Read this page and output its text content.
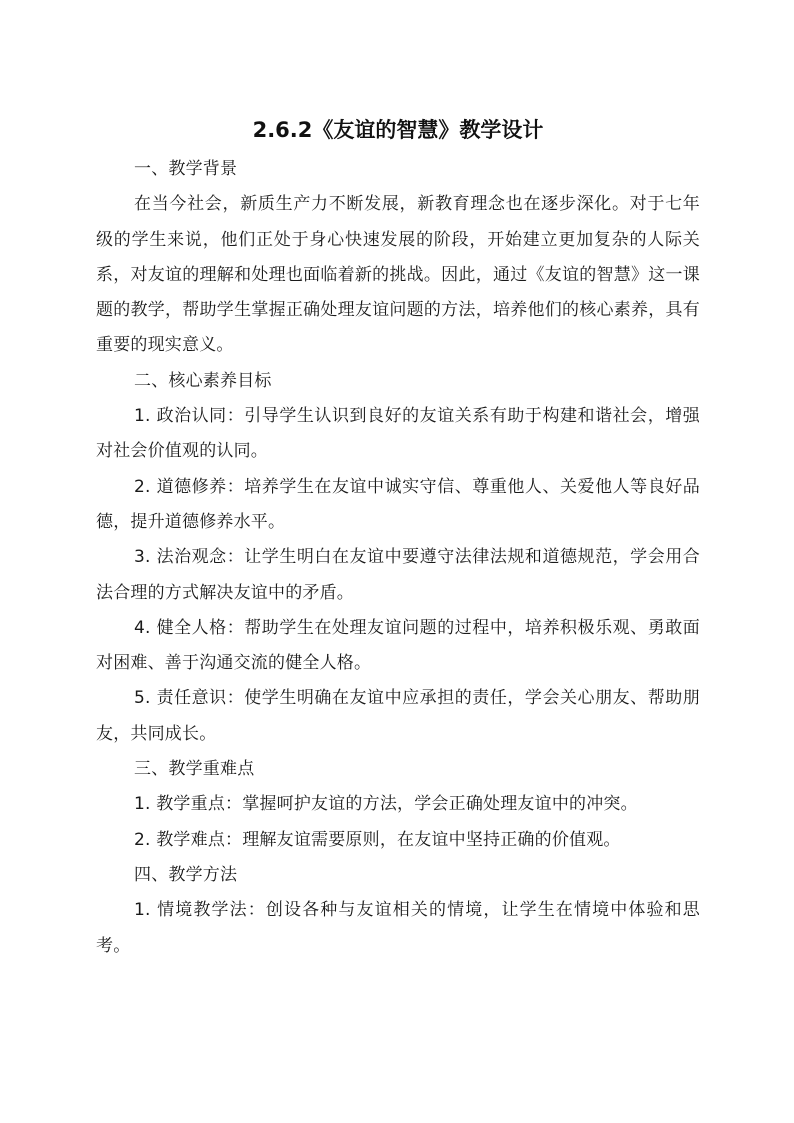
2.6.2《友谊的智慧》教学设计

一、教学背景

在当今社会，新质生产力不断发展，新教育理念也在逐步深化。对于七年级的学生来说，他们正处于身心快速发展的阶段，开始建立更加复杂的人际关系，对友谊的理解和处理也面临着新的挑战。因此，通过《友谊的智慧》这一课题的教学，帮助学生掌握正确处理友谊问题的方法，培养他们的核心素养，具有重要的现实意义。

二、核心素养目标

1. 政治认同：引导学生认识到良好的友谊关系有助于构建和谐社会，增强对社会价值观的认同。

2. 道德修养：培养学生在友谊中诚实守信、尊重他人、关爱他人等良好品德，提升道德修养水平。

3. 法治观念：让学生明白在友谊中要遵守法律法规和道德规范，学会用合法合理的方式解决友谊中的矛盾。

4. 健全人格：帮助学生在处理友谊问题的过程中，培养积极乐观、勇敢面对困难、善于沟通交流的健全人格。

5. 责任意识：使学生明确在友谊中应承担的责任，学会关心朋友、帮助朋友，共同成长。

三、教学重难点

1. 教学重点：掌握呵护友谊的方法，学会正确处理友谊中的冲突。

2. 教学难点：理解友谊需要原则，在友谊中坚持正确的价值观。

四、教学方法

1. 情境教学法：创设各种与友谊相关的情境，让学生在情境中体验和思考。
